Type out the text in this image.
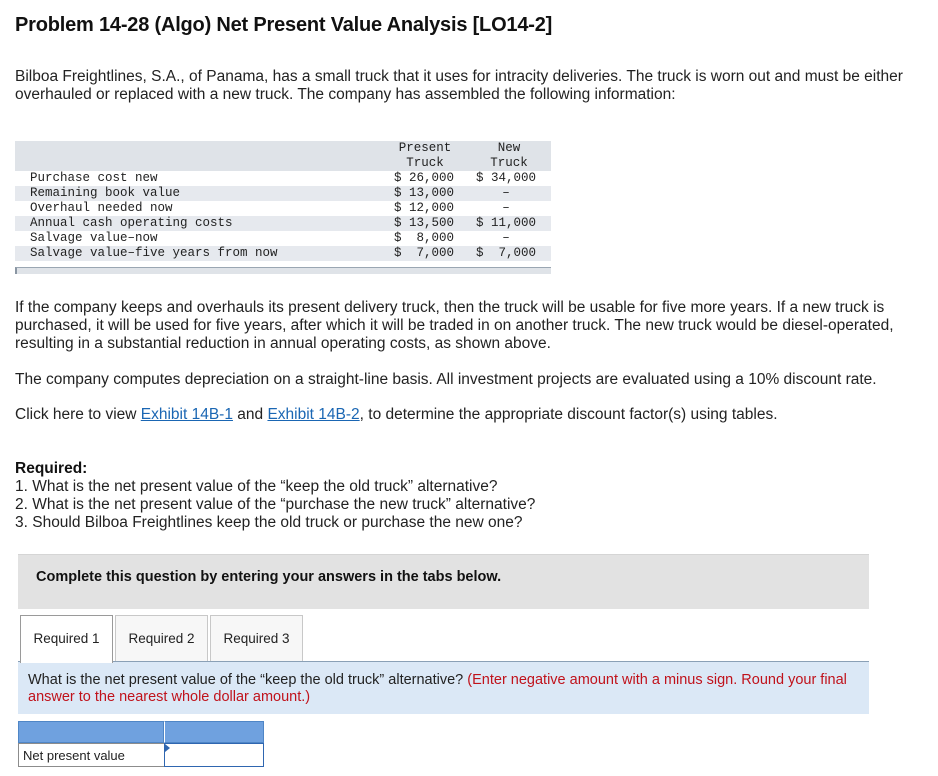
Problem 14-28 (Algo) Net Present Value Analysis [LO14-2]
Bilboa Freightlines, S.A., of Panama, has a small truck that it uses for intracity deliveries. The truck is worn out and must be either overhauled or replaced with a new truck. The company has assembled the following information:
Present
Truck
New
Truck
Purchase cost new	$ 26,000 $ 34,000
Remaining book value	$ 13,000	–
Overhaul needed now	$ 12,000	–
Annual cash operating costs	$ 13,500 $ 11,000
Salvage value–now	$  8,000	–
Salvage value–five years from now	$  7,000 $  7,000
If the company keeps and overhauls its present delivery truck, then the truck will be usable for five more years. If a new truck is purchased, it will be used for five years, after which it will be traded in on another truck. The new truck would be diesel-operated, resulting in a substantial reduction in annual operating costs, as shown above.
The company computes depreciation on a straight-line basis. All investment projects are evaluated using a 10% discount rate.
Click here to view Exhibit 14B-1 and Exhibit 14B-2, to determine the appropriate discount factor(s) using tables.
Required:
1. What is the net present value of the “keep the old truck” alternative?
2. What is the net present value of the “purchase the new truck” alternative?
3. Should Bilboa Freightlines keep the old truck or purchase the new one?
Complete this question by entering your answers in the tabs below.
Required 1	Required 2	Required 3
What is the net present value of the “keep the old truck” alternative? (Enter negative amount with a minus sign. Round your final answer to the nearest whole dollar amount.)
Net present value
